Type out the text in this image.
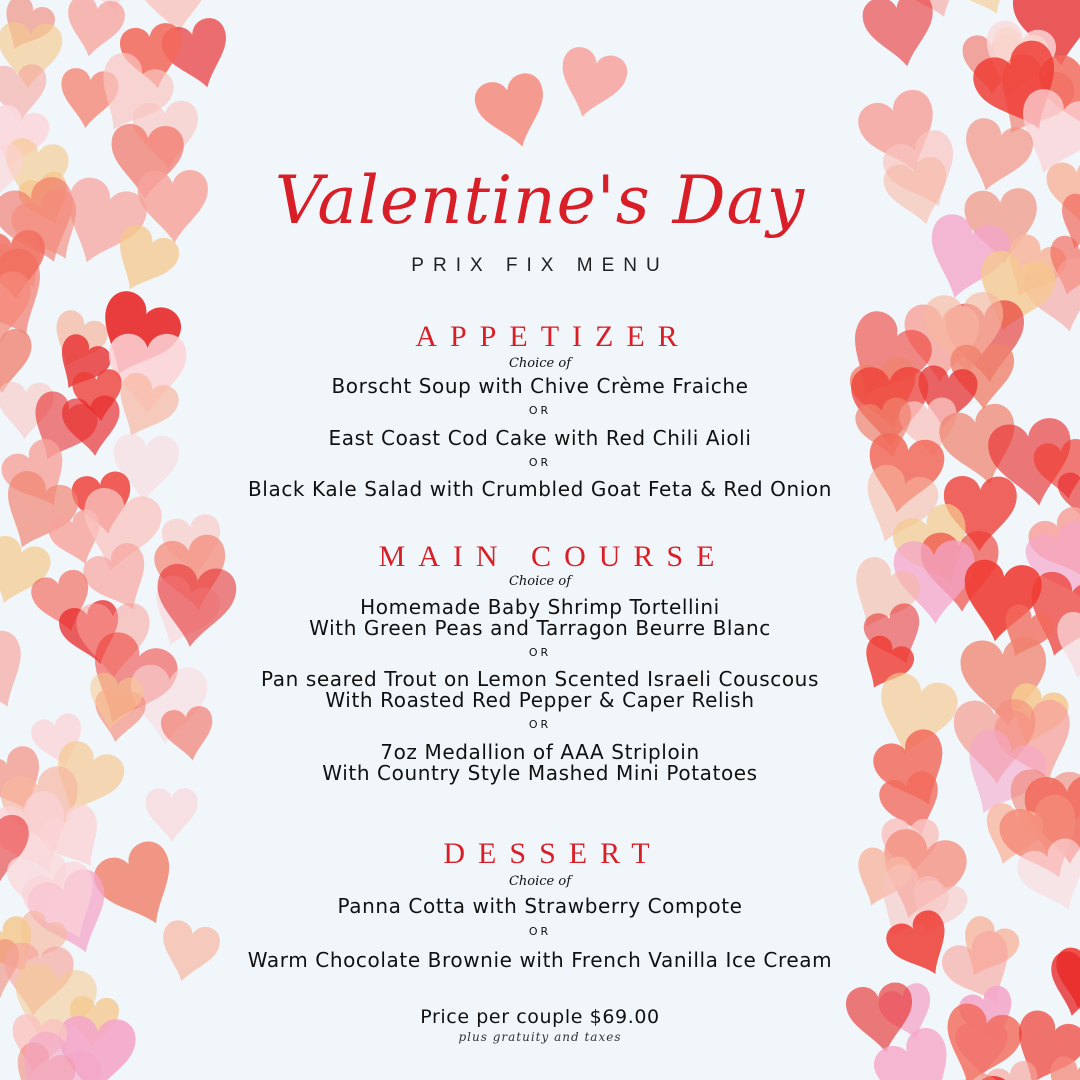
Valentine's Day
PRIX FIX MENU
APPETIZER
Choice of
Borscht Soup with Chive Crème Fraiche
OR
East Coast Cod Cake with Red Chili Aioli
OR
Black Kale Salad with Crumbled Goat Feta & Red Onion
MAIN COURSE
Choice of
Homemade Baby Shrimp Tortellini
With Green Peas and Tarragon Beurre Blanc
OR
Pan seared Trout on Lemon Scented Israeli Couscous
With Roasted Red Pepper & Caper Relish
OR
7oz Medallion of AAA Striploin
With Country Style Mashed Mini Potatoes
DESSERT
Choice of
Panna Cotta with Strawberry Compote
OR
Warm Chocolate Brownie with French Vanilla Ice Cream
Price per couple $69.00
plus gratuity and taxes
